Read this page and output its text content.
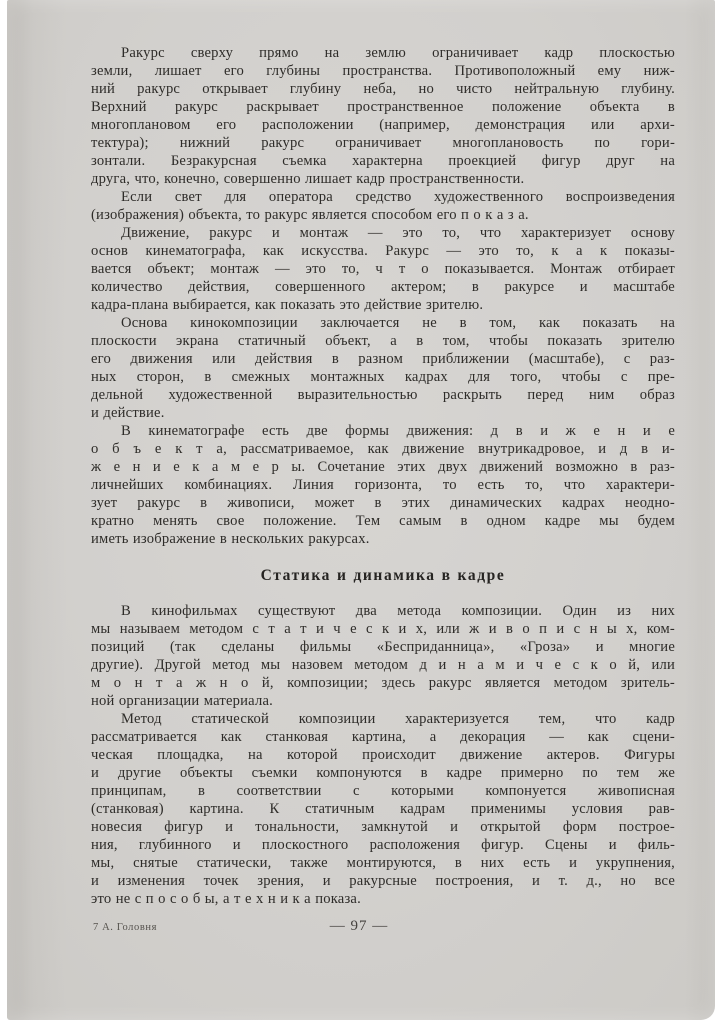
Ракурс сверху прямо на землю ограничивает кадр плоскостью
земли, лишает его глубины пространства. Противоположный ему ниж-
ний ракурс открывает глубину неба, но чисто нейтральную глубину.
Верхний ракурс раскрывает пространственное положение объекта в
многоплановом его расположении (например, демонстрация или архи-
тектура); нижний ракурс ограничивает многоплановость по гори-
зонтали. Безракурсная съемка характерна проекцией фигур друг на
друга, что, конечно, совершенно лишает кадр пространственности.
Если свет для оператора средство художественного воспроизведения
(изображения) объекта, то ракурс является способом его п о к а з а.
Движение, ракурс и монтаж — это то, что характеризует основу
основ кинематографа, как искусства. Ракурс — это то, к а к показы-
вается объект; монтаж — это то, ч т о показывается. Монтаж отбирает
количество действия, совершенного актером; в ракурсе и масштабе
кадра-плана выбирается, как показать это действие зрителю.
Основа кинокомпозиции заключается не в том, как показать на
плоскости экрана статичный объект, а в том, чтобы показать зрителю
его движения или действия в разном приближении (масштабе), с раз-
ных сторон, в смежных монтажных кадрах для того, чтобы с пре-
дельной художественной выразительностью раскрыть перед ним образ
и действие.
В кинематографе есть две формы движения: д в и ж е н и е
о б ъ е к т а, рассматриваемое, как движение внутрикадровое, и д в и-
ж е н и е к а м е р ы. Сочетание этих двух движений возможно в раз-
личнейших комбинациях. Линия горизонта, то есть то, что характери-
зует ракурс в живописи, может в этих динамических кадрах неодно-
кратно менять свое положение. Тем самым в одном кадре мы будем
иметь изображение в нескольких ракурсах.
Статика и динамика в кадре
В кинофильмах существуют два метода композиции. Один из них
мы называем методом с т а т и ч е с к и х, или ж и в о п и с н ы х, ком-
позиций (так сделаны фильмы «Бесприданница», «Гроза» и многие
другие). Другой метод мы назовем методом д и н а м и ч е с к о й, или
м о н т а ж н о й, композиции; здесь ракурс является методом зритель-
ной организации материала.
Метод статической композиции характеризуется тем, что кадр
рассматривается как станковая картина, а декорация — как сцени-
ческая площадка, на которой происходит движение актеров. Фигуры
и другие объекты съемки компонуются в кадре примерно по тем же
принципам, в соответствии с которыми компонуется живописная
(станковая) картина. К статичным кадрам применимы условия рав-
новесия фигур и тональности, замкнутой и открытой форм построе-
ния, глубинного и плоскостного расположения фигур. Сцены и филь-
мы, снятые статически, также монтируются, в них есть и укрупнения,
и изменения точек зрения, и ракурсные построения, и т. д., но все
это не с п о с о б ы, а т е х н и к а показа.
7 А. Головня	— 97 —
